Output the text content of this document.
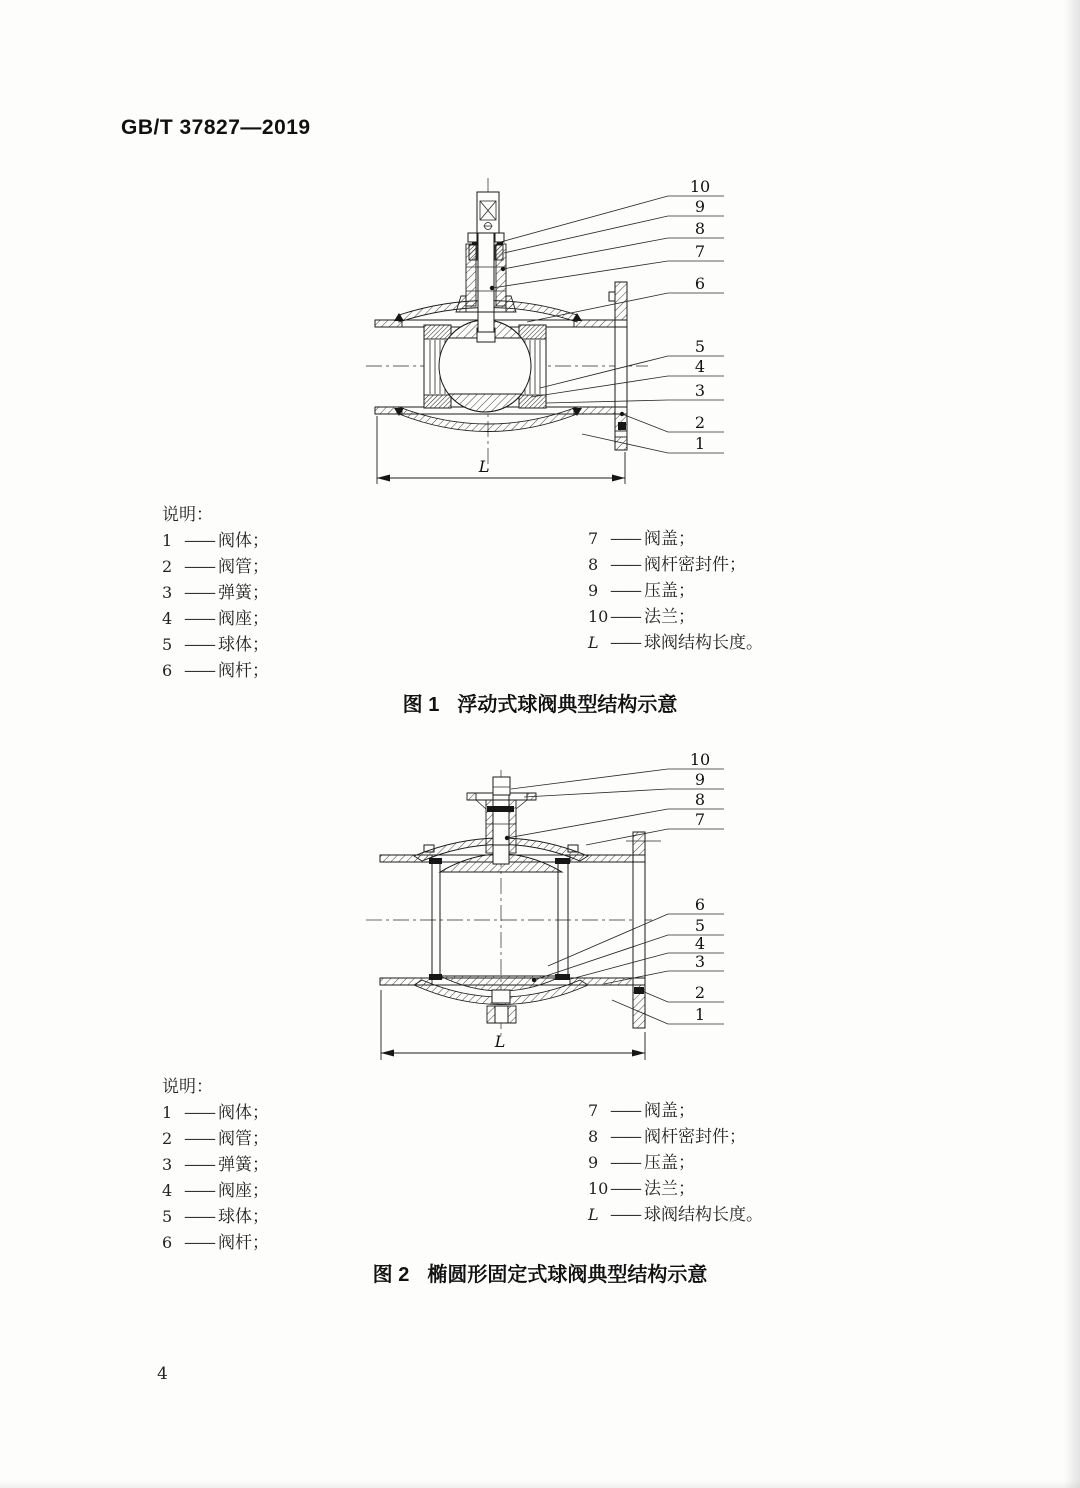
GB/T 37827—2019
L
10
9
8
7
6
5
4
3
2
1
说明：
1 —— 阀体；
2 —— 阀管；
3 —— 弹簧；
4 —— 阀座；
5 —— 球体；
6 —— 阀杆；
7 —— 阀盖；
8 —— 阀杆密封件；
9 —— 压盖；
10 —— 法兰；
L —— 球阀结构长度。
图 1 浮动式球阀典型结构示意
L
10
9
8
7
6
5
4
3
2
1
说明：
1 —— 阀体；
2 —— 阀管；
3 —— 弹簧；
4 —— 阀座；
5 —— 球体；
6 —— 阀杆；
7 —— 阀盖；
8 —— 阀杆密封件；
9 —— 压盖；
10 —— 法兰；
L —— 球阀结构长度。
图 2 椭圆形固定式球阀典型结构示意
4
